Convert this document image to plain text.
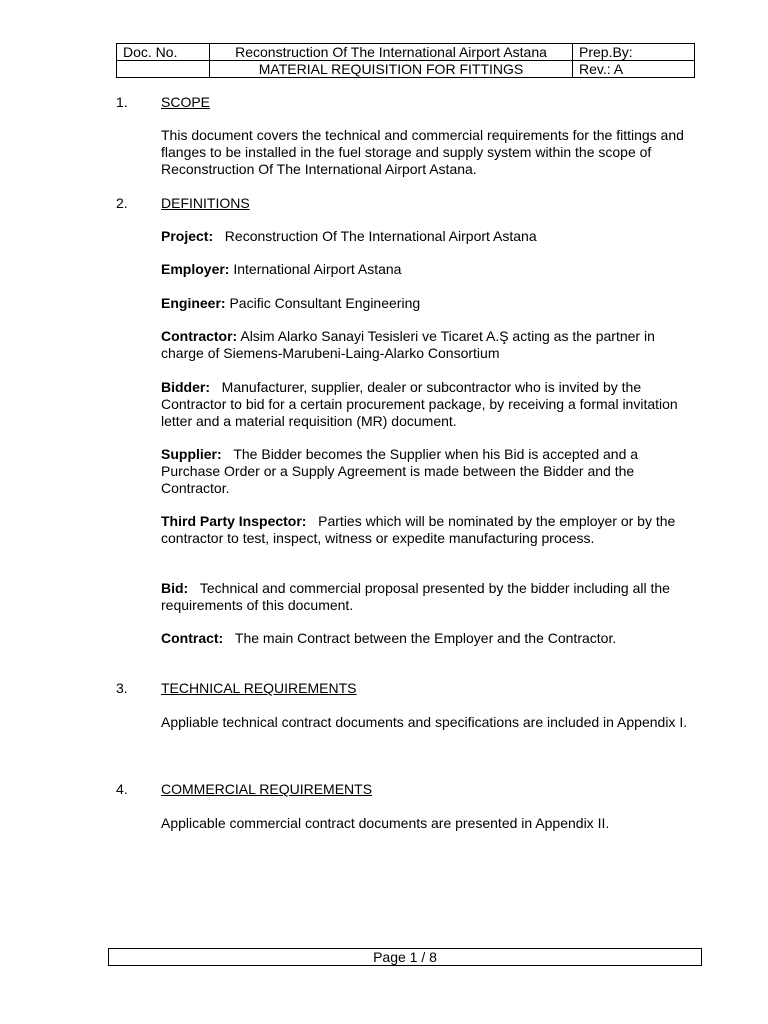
Doc. No.	Reconstruction Of The International Airport Astana	Prep.By:
	MATERIAL REQUISITION FOR FITTINGS	Rev.: A
1. SCOPE
This document covers the technical and commercial requirements for the fittings and flanges to be installed in the fuel storage and supply system within the scope of Reconstruction Of The International Airport Astana.
2. DEFINITIONS
Project: Reconstruction Of The International Airport Astana
Employer: International Airport Astana
Engineer: Pacific Consultant Engineering
Contractor: Alsim Alarko Sanayi Tesisleri ve Ticaret A.Ş acting as the partner in charge of Siemens-Marubeni-Laing-Alarko Consortium
Bidder: Manufacturer, supplier, dealer or subcontractor who is invited by the Contractor to bid for a certain procurement package, by receiving a formal invitation letter and a material requisition (MR) document.
Supplier: The Bidder becomes the Supplier when his Bid is accepted and a Purchase Order or a Supply Agreement is made between the Bidder and the Contractor.
Third Party Inspector: Parties which will be nominated by the employer or by the contractor to test, inspect, witness or expedite manufacturing process.
Bid: Technical and commercial proposal presented by the bidder including all the requirements of this document.
Contract: The main Contract between the Employer and the Contractor.
3. TECHNICAL REQUIREMENTS
Appliable technical contract documents and specifications are included in Appendix I.
4. COMMERCIAL REQUIREMENTS
Applicable commercial contract documents are presented in Appendix II.
Page 1 / 8
